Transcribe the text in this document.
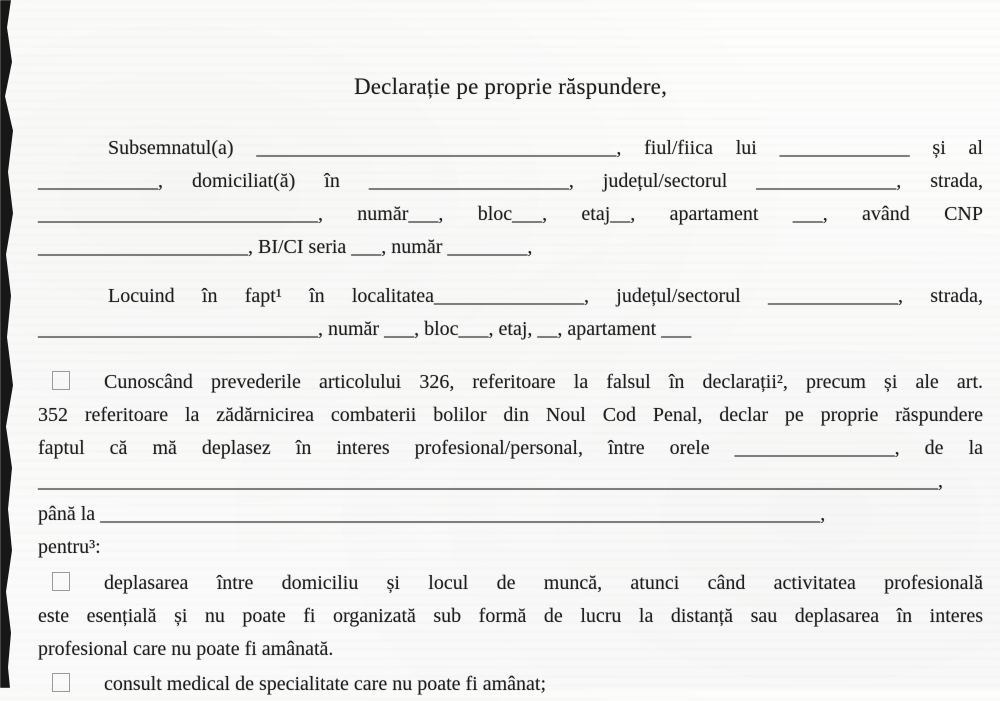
Declarație pe proprie răspundere,
Subsemnatul(a) ____________________________________, fiul/fiica lui _____________ și al
____________, domiciliat(ă) în ____________________, județul/sectorul ______________, strada,
____________________________, număr___, bloc___, etaj__, apartament ___, având CNP
_____________________, BI/CI seria ___, număr ________,
Locuind în fapt¹ în localitatea_______________, județul/sectorul _____________, strada,
____________________________, număr ___, bloc___, etaj, __, apartament ___
Cunoscând prevederile articolului 326, referitoare la falsul în declarații², precum și ale art.
352 referitoare la zădărnicirea combaterii bolilor din Noul Cod Penal, declar pe proprie răspundere
faptul că mă deplasez în interes profesional/personal, între orele ________________, de la
__________________________________________________________________________________________,
până la ________________________________________________________________________,
pentru³:
deplasarea între domiciliu și locul de muncă, atunci când activitatea profesională
este esențială și nu poate fi organizată sub formă de lucru la distanță sau deplasarea în interes
profesional care nu poate fi amânată.
consult medical de specialitate care nu poate fi amânat;
